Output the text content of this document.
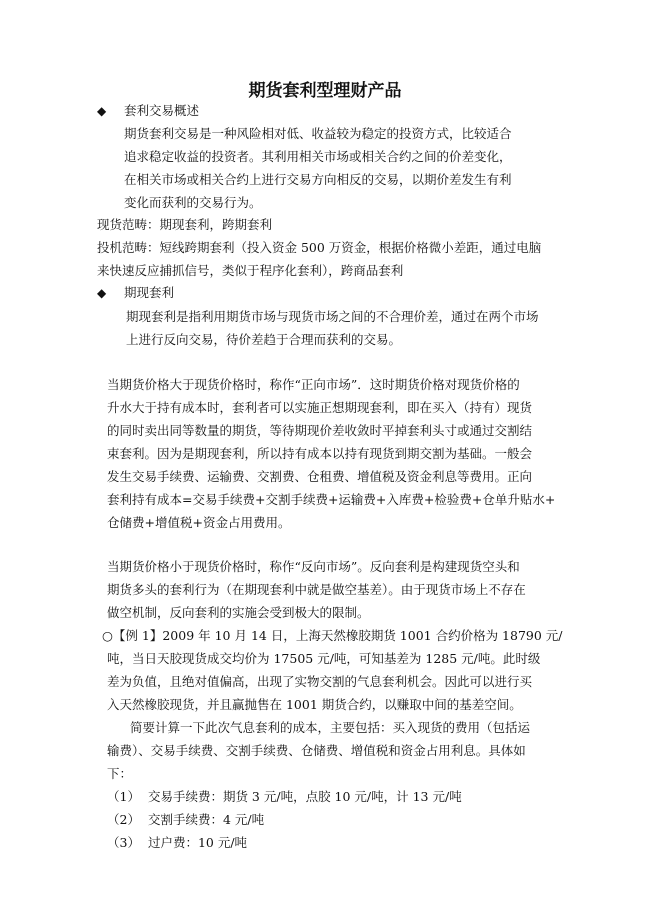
期货套利型理财产品
◆ 套利交易概述
期货套利交易是一种风险相对低、收益较为稳定的投资方式，比较适合
追求稳定收益的投资者。其利用相关市场或相关合约之间的价差变化，
在相关市场或相关合约上进行交易方向相反的交易，以期价差发生有利
变化而获利的交易行为。
现货范畴：期现套利，跨期套利
投机范畴：短线跨期套利（投入资金 500 万资金，根据价格微小差距，通过电脑
来快速反应捕抓信号，类似于程序化套利），跨商品套利
◆ 期现套利
期现套利是指利用期货市场与现货市场之间的不合理价差，通过在两个市场
上进行反向交易，待价差趋于合理而获利的交易。
当期货价格大于现货价格时，称作“正向市场”．这时期货价格对现货价格的
升水大于持有成本时，套利者可以实施正想期现套利，即在买入（持有）现货
的同时卖出同等数量的期货，等待期现价差收敛时平掉套利头寸或通过交割结
束套利。因为是期现套利，所以持有成本以持有现货到期交割为基础。一般会
发生交易手续费、运输费、交割费、仓租费、增值税及资金利息等费用。正向
套利持有成本=交易手续费+交割手续费+运输费+入库费+检验费+仓单升贴水+
仓储费+增值税+资金占用费用。
当期货价格小于现货价格时，称作“反向市场”。反向套利是构建现货空头和
期货多头的套利行为（在期现套利中就是做空基差）。由于现货市场上不存在
做空机制，反向套利的实施会受到极大的限制。
○【例 1】2009 年 10 月 14 日，上海天然橡胶期货 1001 合约价格为 18790 元/
吨，当日天胶现货成交均价为 17505 元/吨，可知基差为 1285 元/吨。此时级
差为负值，且绝对值偏高，出现了实物交割的气息套利机会。因此可以进行买
入天然橡胶现货，并且赢抛售在 1001 期货合约，以赚取中间的基差空间。
简要计算一下此次气息套利的成本，主要包括：买入现货的费用（包括运
输费）、交易手续费、交割手续费、仓储费、增值税和资金占用利息。具体如
下：
（1） 交易手续费：期货 3 元/吨，点胶 10 元/吨，计 13 元/吨
（2） 交割手续费：4 元/吨
（3） 过户费：10 元/吨
